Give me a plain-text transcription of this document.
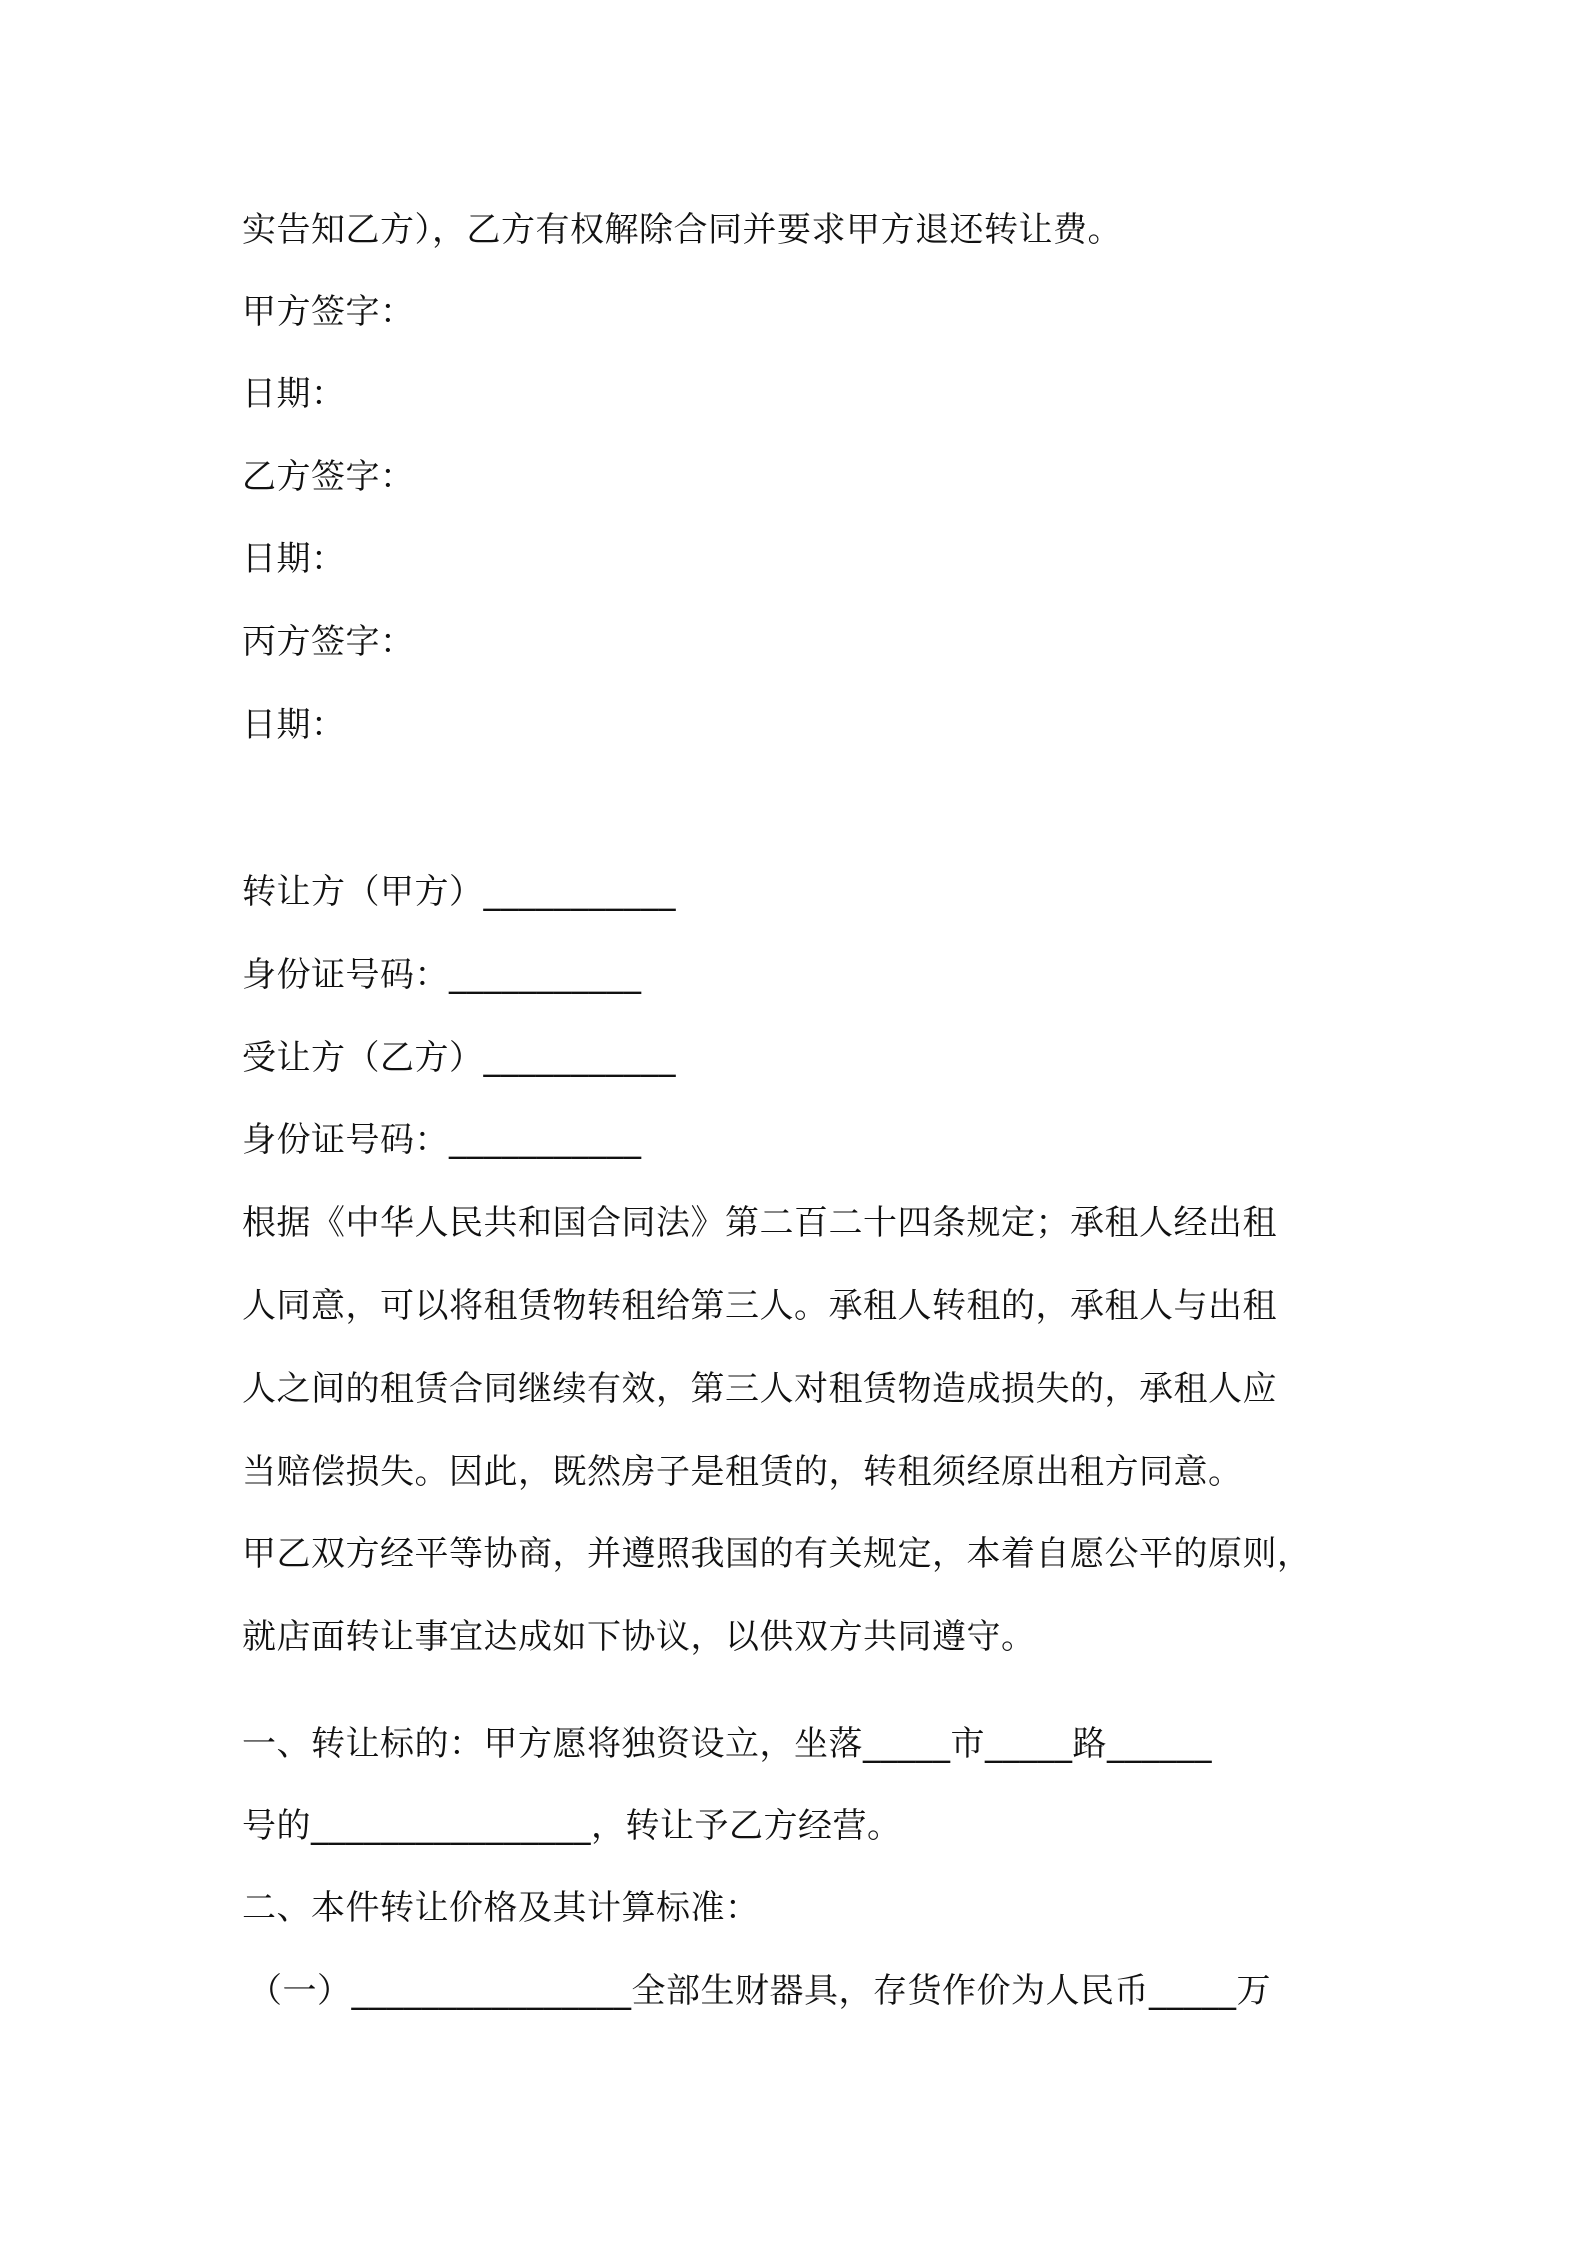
实告知乙方），乙方有权解除合同并要求甲方退还转让费。
甲方签字：
日期：
乙方签字：
日期：
丙方签字：
日期：
转让方（甲方）___________
身份证号码：___________
受让方（乙方）___________
身份证号码：___________
根据《中华人民共和国合同法》第二百二十四条规定；承租人经出租
人同意，可以将租赁物转租给第三人。承租人转租的，承租人与出租
人之间的租赁合同继续有效，第三人对租赁物造成损失的，承租人应
当赔偿损失。因此，既然房子是租赁的，转租须经原出租方同意。
甲乙双方经平等协商，并遵照我国的有关规定，本着自愿公平的原则，
就店面转让事宜达成如下协议，以供双方共同遵守。
一、转让标的：甲方愿将独资设立，坐落_____市_____路______
号的________________，转让予乙方经营。
二、本件转让价格及其计算标准：
（一）________________全部生财器具，存货作价为人民币_____万
